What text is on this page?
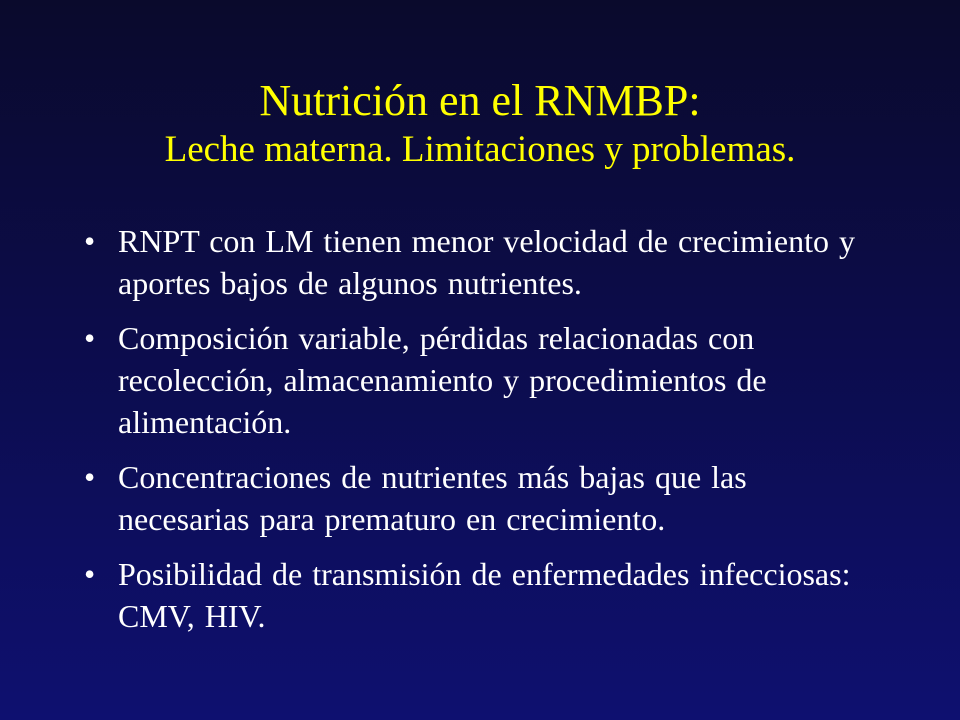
Nutrición en el RNMBP:
Leche materna. Limitaciones y problemas.
• RNPT con LM tienen menor velocidad de crecimiento y aportes bajos de algunos nutrientes.
• Composición variable, pérdidas relacionadas con recolección, almacenamiento y procedimientos de alimentación.
• Concentraciones de nutrientes más bajas que las necesarias para prematuro en crecimiento.
• Posibilidad de transmisión de enfermedades infecciosas: CMV, HIV.
